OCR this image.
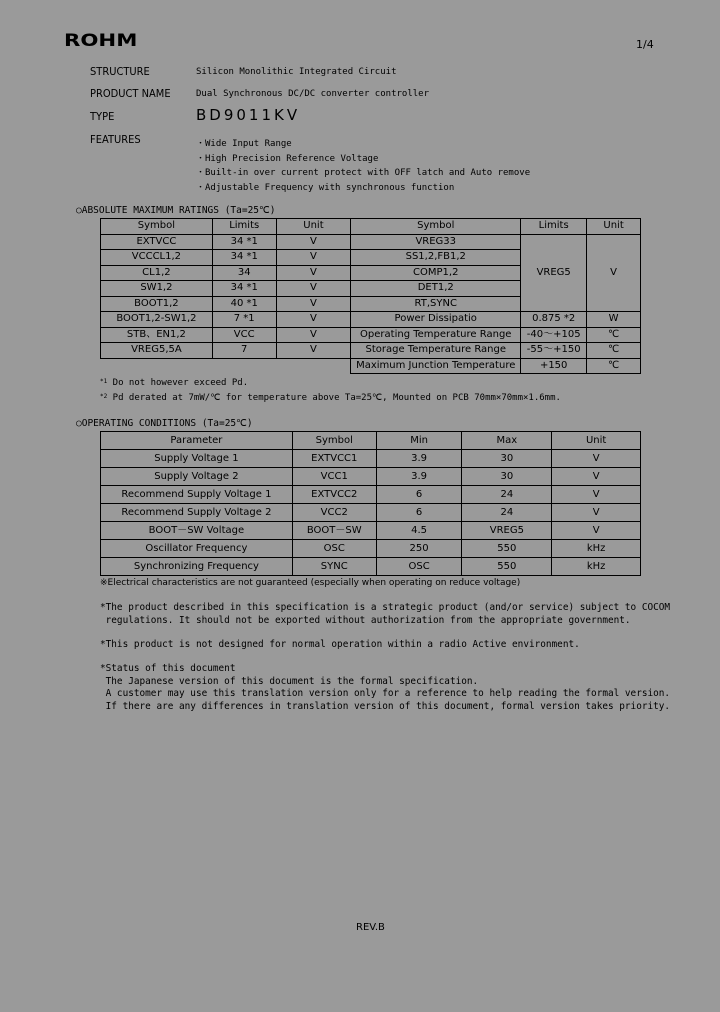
ROHM	1/4
STRUCTURE	Silicon Monolithic Integrated Circuit
PRODUCT NAME	Dual Synchronous DC/DC converter controller
TYPE	BD9011KV
FEATURES	・Wide Input Range
・High Precision Reference Voltage
・Built-in over current protect with OFF latch and Auto remove
・Adjustable Frequency with synchronous function
○ABSOLUTE MAXIMUM RATINGS (Ta=25℃)
Symbol	Limits	Unit	Symbol	Limits	Unit
EXTVCC	34 *1	V	VREG33	VREG5	V
VCCCL1,2	34 *1	V	SS1,2,FB1,2		
CL1,2	34	V	COMP1,2		
SW1,2	34 *1	V	DET1,2		
BOOT1,2	40 *1	V	RT,SYNC		
BOOT1,2-SW1,2	7 *1	V	Power Dissipatio	0.875 *2	W
STB、EN1,2	VCC	V	Operating Temperature Range	-40～+105	℃
VREG5,5A	7	V	Storage Temperature Range	-55～+150	℃
			Maximum Junction Temperature	+150	℃
$^{*1}$ Do not however exceed Pd.
$^{*2}$ Pd derated at 7mW/℃ for temperature above Ta=25℃, Mounted on PCB 70mm×70mm×1.6mm.
○OPERATING CONDITIONS (Ta=25℃)
Parameter	Symbol	Min	Max	Unit
Supply Voltage 1	EXTVCC1	3.9	30	V
Supply Voltage 2	VCC1	3.9	30	V
Recommend Supply Voltage 1	EXTVCC2	6	24	V
Recommend Supply Voltage 2	VCC2	6	24	V
BOOT－SW Voltage	BOOT－SW	4.5	VREG5	V
Oscillator Frequency	OSC	250	550	kHz
Synchronizing Frequency	SYNC	OSC	550	kHz
※Electrical characteristics are not guaranteed (especially when operating on reduce voltage)
*The product described in this specification is a strategic product (and/or service) subject to COCOM
regulations. It should not be exported without authorization from the appropriate government.
*This product is not designed for normal operation within a radio Active environment.
*Status of this document
The Japanese version of this document is the formal specification.
A customer may use this translation version only for a reference to help reading the formal version.
If there are any differences in translation version of this document, formal version takes priority.
REV.B
